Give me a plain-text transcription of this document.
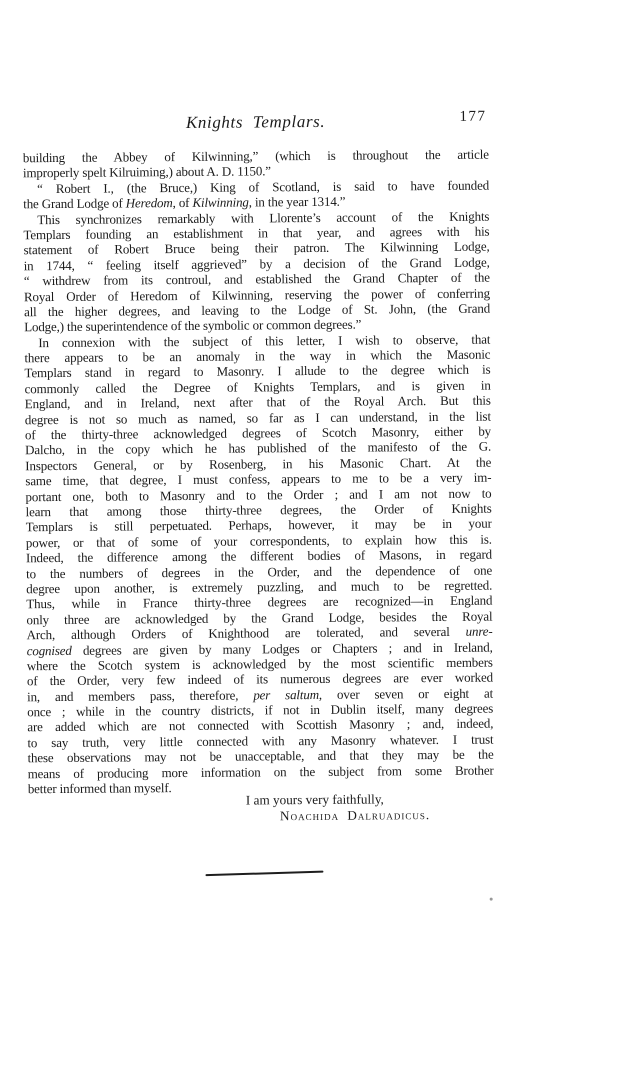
Knights Templars.	177
building the Abbey of Kilwinning,” (which is throughout the article
improperly spelt Kilruiming,) about A. D. 1150.”
“ Robert I., (the Bruce,) King of Scotland, is said to have founded
the Grand Lodge of Heredom, of Kilwinning, in the year 1314.”
This synchronizes remarkably with Llorente’s account of the Knights
Templars founding an establishment in that year, and agrees with his
statement of Robert Bruce being their patron. The Kilwinning Lodge,
in 1744, “ feeling itself aggrieved” by a decision of the Grand Lodge,
“ withdrew from its controul, and established the Grand Chapter of the
Royal Order of Heredom of Kilwinning, reserving the power of conferring
all the higher degrees, and leaving to the Lodge of St. John, (the Grand
Lodge,) the superintendence of the symbolic or common degrees.”
In connexion with the subject of this letter, I wish to observe, that
there appears to be an anomaly in the way in which the Masonic
Templars stand in regard to Masonry. I allude to the degree which is
commonly called the Degree of Knights Templars, and is given in
England, and in Ireland, next after that of the Royal Arch. But this
degree is not so much as named, so far as I can understand, in the list
of the thirty-three acknowledged degrees of Scotch Masonry, either by
Dalcho, in the copy which he has published of the manifesto of the G.
Inspectors General, or by Rosenberg, in his Masonic Chart. At the
same time, that degree, I must confess, appears to me to be a very im-
portant one, both to Masonry and to the Order ; and I am not now to
learn that among those thirty-three degrees, the Order of Knights
Templars is still perpetuated. Perhaps, however, it may be in your
power, or that of some of your correspondents, to explain how this is.
Indeed, the difference among the different bodies of Masons, in regard
to the numbers of degrees in the Order, and the dependence of one
degree upon another, is extremely puzzling, and much to be regretted.
Thus, while in France thirty-three degrees are recognized—in England
only three are acknowledged by the Grand Lodge, besides the Royal
Arch, although Orders of Knighthood are tolerated, and several unre-
cognised degrees are given by many Lodges or Chapters ; and in Ireland,
where the Scotch system is acknowledged by the most scientific members
of the Order, very few indeed of its numerous degrees are ever worked
in, and members pass, therefore, per saltum, over seven or eight at
once ; while in the country districts, if not in Dublin itself, many degrees
are added which are not connected with Scottish Masonry ; and, indeed,
to say truth, very little connected with any Masonry whatever. I trust
these observations may not be unacceptable, and that they may be the
means of producing more information on the subject from some Brother
better informed than myself.
I am yours very faithfully,
Noachida Dalruadicus.
